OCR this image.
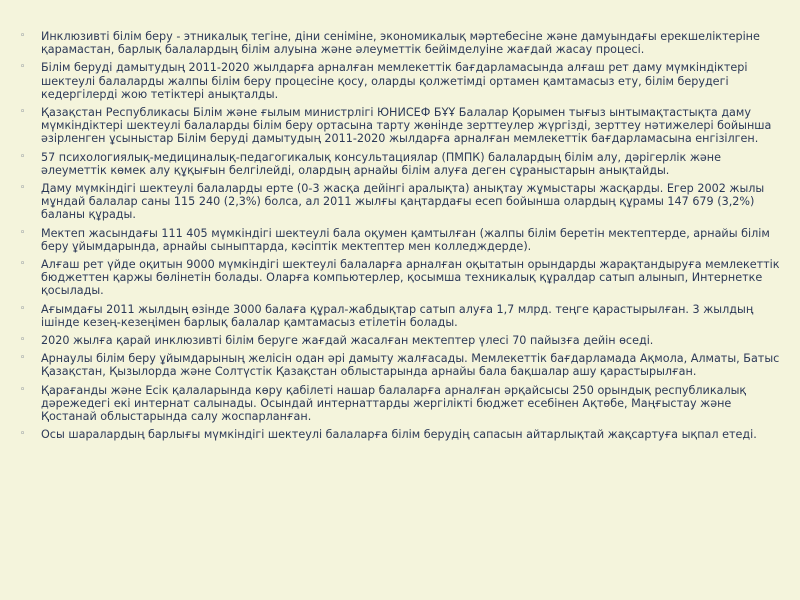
◦ Инклюзивті білім беру - этникалық тегіне, діни сеніміне, экономикалық мәртебесіне және дамуындағы ерекшеліктеріне қарамастан, барлық балалардың білім алуына және әлеуметтік бейімделуіне жағдай жасау процесі.
◦ Білім беруді дамытудың 2011-2020 жылдарға арналған мемлекеттік бағдарламасында алғаш рет даму мүмкіндіктері шектеулі балаларды жалпы білім беру процесіне қосу, оларды қолжетімді ортамен қамтамасыз ету, білім берудегі кедергілерді жою тетіктері анықталды.
◦ Қазақстан Республикасы Білім және ғылым министрлігі ЮНИСЕФ БҰҰ Балалар Қорымен тығыз ынтымақтастықта даму мүмкіндіктері шектеулі балаларды білім беру ортасына тарту жөнінде зерттеулер жүргізді, зерттеу нәтижелері бойынша әзірленген ұсыныстар Білім беруді дамытудың 2011-2020 жылдарға арналған мемлекеттік бағдарламасына енгізілген.
◦ 57 психологиялық-медициналық-педагогикалық консультациялар (ПМПК) балалардың білім алу, дәрігерлік және әлеуметтік көмек алу құқығын белгілейді, олардың арнайы білім алуға деген сұраныстарын анықтайды.
◦ Даму мүмкіндігі шектеулі балаларды ерте (0-3 жасқа дейінгі аралықта) анықтау жұмыстары жасқарды. Егер 2002 жылы мұндай балалар саны 115 240 (2,3%) болса, ал 2011 жылғы қаңтардағы есеп бойынша олардың құрамы 147 679 (3,2%) баланы құрады.
◦ Мектеп жасындағы 111 405 мүмкіндігі шектеулі бала оқумен қамтылған (жалпы білім беретін мектептерде, арнайы білім беру ұйымдарында, арнайы сыныптарда, кәсіптік мектептер мен колледждерде).
◦ Алғаш рет үйде оқитын 9000 мүмкіндігі шектеулі балаларға арналған оқытатын орындарды жарақтандыруға мемлекеттік бюджеттен қаржы бөлінетін болады. Оларға компьютерлер, қосымша техникалық құралдар сатып алынып, Интернетке қосылады.
◦ Ағымдағы 2011 жылдың өзінде 3000 балаға құрал-жабдықтар сатып алуға 1,7 млрд. теңге қарастырылған. 3 жылдың ішінде кезең-кезеңімен барлық балалар қамтамасыз етілетін болады.
◦ 2020 жылға қарай инклюзивті білім беруге жағдай жасалған мектептер үлесі 70 пайызға дейін өседі.
◦ Арнаулы білім беру ұйымдарының желісін одан әрі дамыту жалғасады. Мемлекеттік бағдарламада Ақмола, Алматы, Батыс Қазақстан, Қызылорда және Солтүстік Қазақстан облыстарында арнайы бала бақшалар ашу қарастырылған.
◦ Қарағанды және Есік қалаларында көру қабілеті нашар балаларға арналған әрқайсысы 250 орындық республикалық дәрежедегі екі интернат салынады. Осындай интернаттарды жергілікті бюджет есебінен Ақтөбе, Маңғыстау және Қостанай облыстарында салу жоспарланған.
◦ Осы шаралардың барлығы мүмкіндігі шектеулі балаларға білім берудің сапасын айтарлықтай жақсартуға ықпал етеді.
